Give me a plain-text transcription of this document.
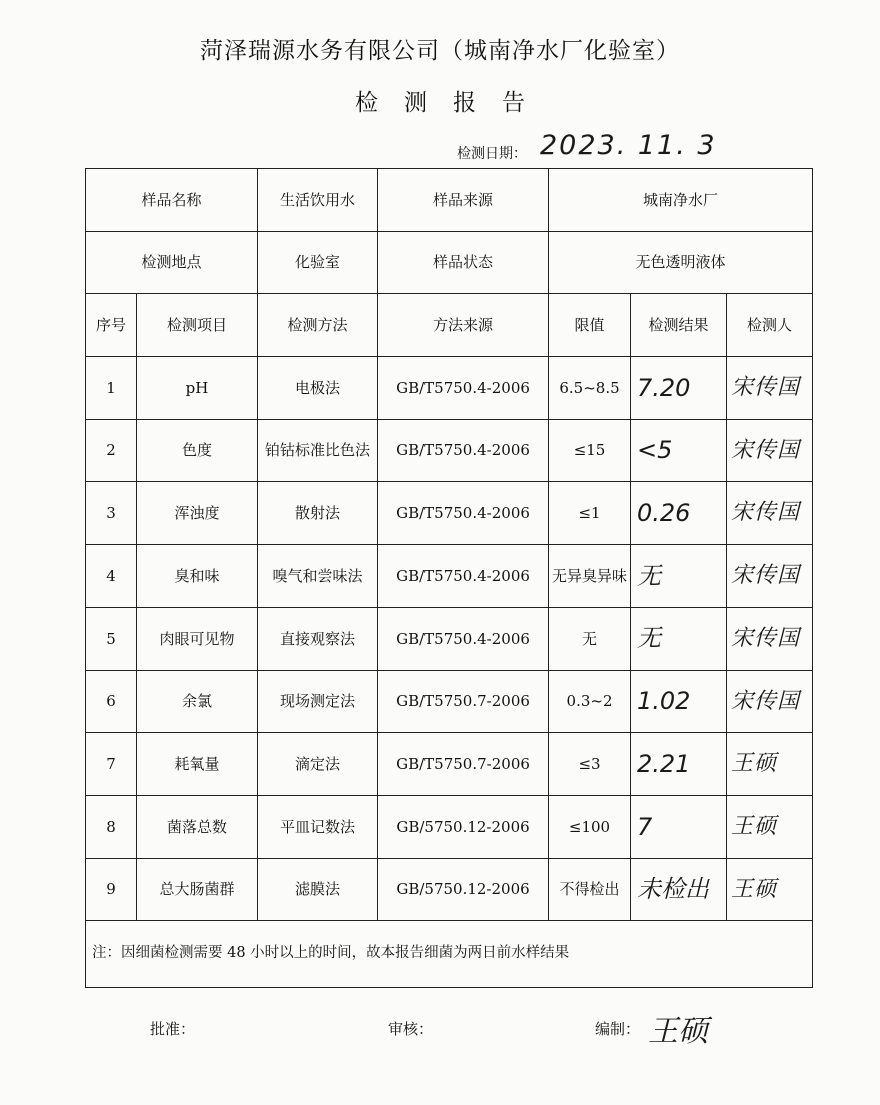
菏泽瑞源水务有限公司（城南净水厂化验室）
检测报告
检测日期： 2023. 11. 3
样品名称		生活饮用水	样品来源	城南净水厂		
检测地点		化验室	样品状态	无色透明液体		
序号	检测项目	检测方法	方法来源	限值	检测结果	检测人
1	pH	电极法	GB/T5750.4-2006	6.5~8.5	7.20	宋传国
2	色度	铂钴标准比色法	GB/T5750.4-2006	≤15	<5	宋传国
3	浑浊度	散射法	GB/T5750.4-2006	≤1	0.26	宋传国
4	臭和味	嗅气和尝味法	GB/T5750.4-2006	无异臭异味	无	宋传国
5	肉眼可见物	直接观察法	GB/T5750.4-2006	无	无	宋传国
6	余氯	现场测定法	GB/T5750.7-2006	0.3~2	1.02	宋传国
7	耗氧量	滴定法	GB/T5750.7-2006	≤3	2.21	王硕
8	菌落总数	平皿记数法	GB/5750.12-2006	≤100	7	王硕
9	总大肠菌群	滤膜法	GB/5750.12-2006	不得检出	未检出	王硕
注：因细菌检测需要 48 小时以上的时间，故本报告细菌为两日前水样结果						
批准：	审核：	编制： 王硕
